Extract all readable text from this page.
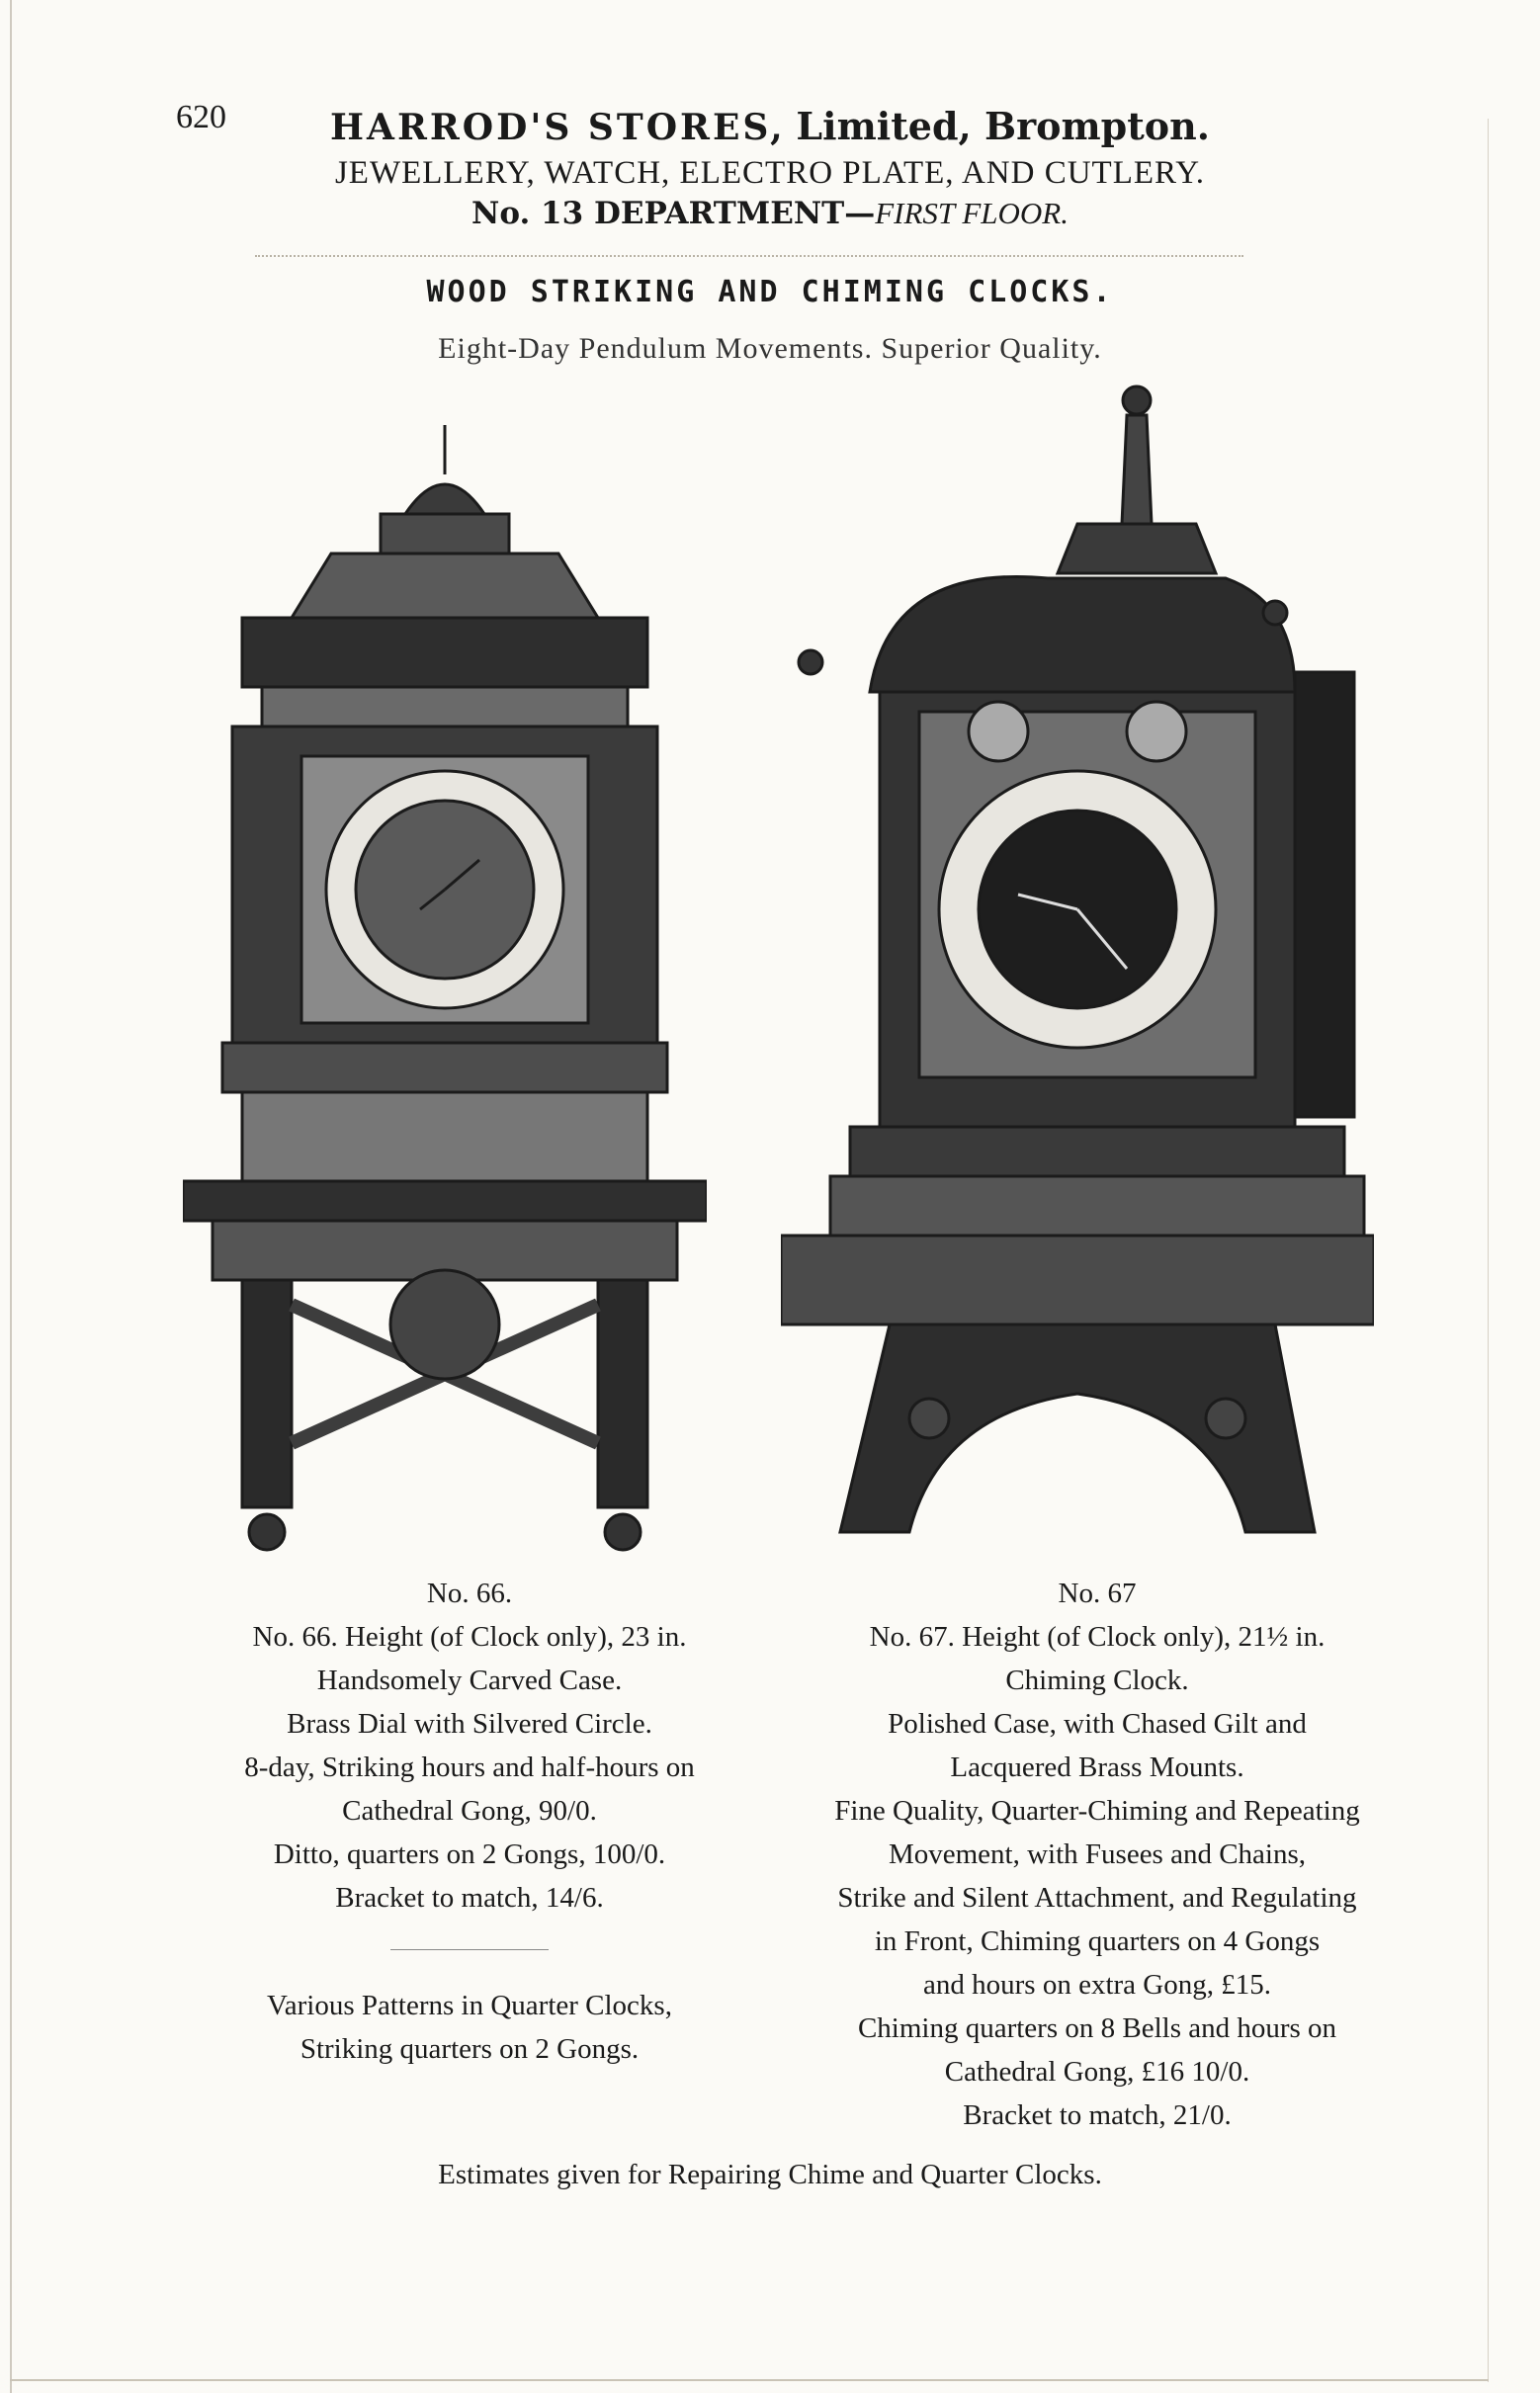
620	HARROD'S STORES, Limited, Brompton.
JEWELLERY, WATCH, ELECTRO PLATE, AND CUTLERY.
No. 13 DEPARTMENT—FIRST FLOOR.
WOOD STRIKING AND CHIMING CLOCKS.
Eight-Day Pendulum Movements. Superior Quality.
No. 66.
No. 66. Height (of Clock only), 23 in.
Handsomely Carved Case.
Brass Dial with Silvered Circle.
8-day, Striking hours and half-hours on
Cathedral Gong, 90/0.
Ditto, quarters on 2 Gongs, 100/0.
Bracket to match, 14/6.
Various Patterns in Quarter Clocks,
Striking quarters on 2 Gongs.
No. 67
No. 67. Height (of Clock only), 21½ in.
Chiming Clock.
Polished Case, with Chased Gilt and
Lacquered Brass Mounts.
Fine Quality, Quarter-Chiming and Repeating
Movement, with Fusees and Chains,
Strike and Silent Attachment, and Regulating
in Front, Chiming quarters on 4 Gongs
and hours on extra Gong, £15.
Chiming quarters on 8 Bells and hours on
Cathedral Gong, £16 10/0.
Bracket to match, 21/0.
Estimates given for Repairing Chime and Quarter Clocks.
